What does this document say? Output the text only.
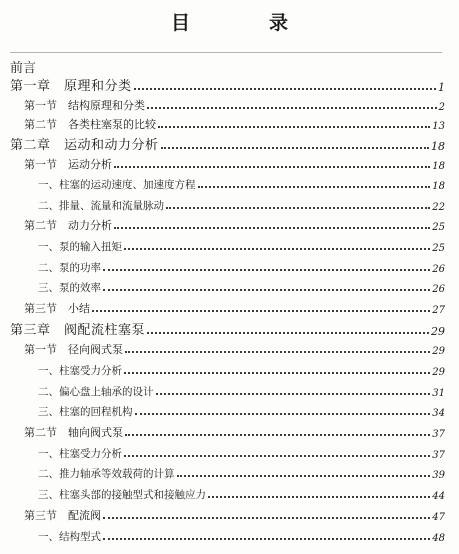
目　录
前言
第一章　原理和分类	1
第一节　结构原理和分类	2
第二节　各类柱塞泵的比较	13
第二章　运动和动力分析	18
第一节　运动分析	18
一、柱塞的运动速度、加速度方程	18
二、排量、流量和流量脉动	22
第二节　动力分析	25
一、泵的输入扭矩	25
二、泵的功率	26
三、泵的效率	26
第三节　小结	27
第三章　阀配流柱塞泵	29
第一节　径向阀式泵	29
一、柱塞受力分析	29
二、偏心盘上轴承的设计	31
三、柱塞的回程机构	34
第二节　轴向阀式泵	37
一、柱塞受力分析	37
二、推力轴承等效载荷的计算	39
三、柱塞头部的接触型式和接触应力	44
第三节　配流阀	47
一、结构型式	48
